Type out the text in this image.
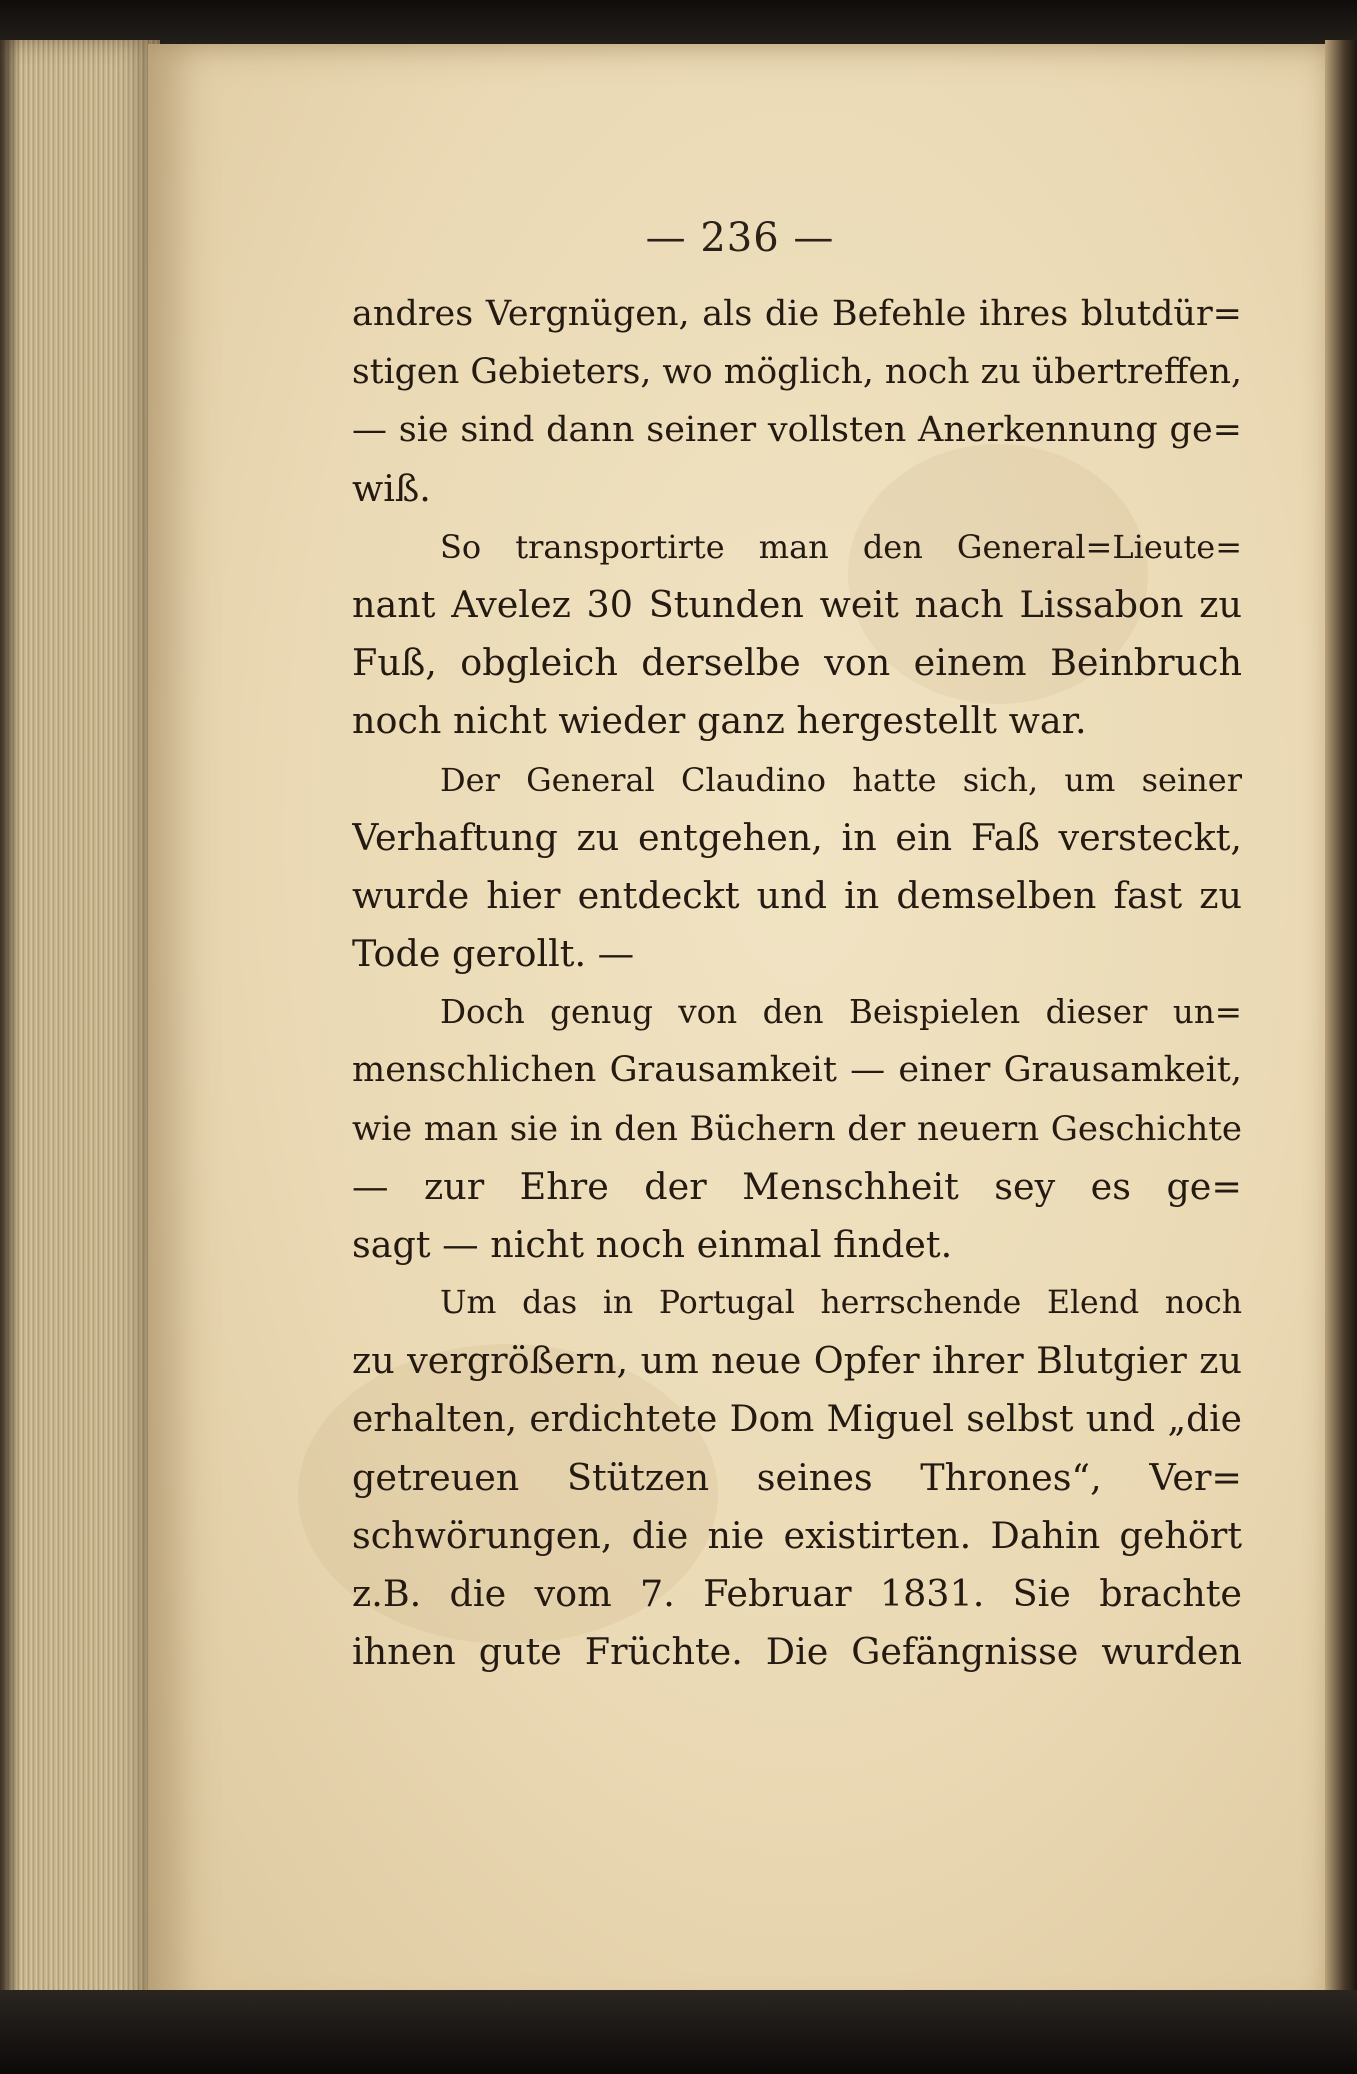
— 236 —
andres Vergnügen, als die Befehle ihres blutdür=
stigen Gebieters, wo möglich, noch zu übertreffen,
— sie sind dann seiner vollsten Anerkennung ge=
wiß.
So transportirte man den General=Lieute=
nant Avelez 30 Stunden weit nach Lissabon zu
Fuß, obgleich derselbe von einem Beinbruch
noch nicht wieder ganz hergestellt war.
Der General Claudino hatte sich, um seiner
Verhaftung zu entgehen, in ein Faß versteckt,
wurde hier entdeckt und in demselben fast zu
Tode gerollt. —
Doch genug von den Beispielen dieser un=
menschlichen Grausamkeit — einer Grausamkeit,
wie man sie in den Büchern der neuern Geschichte
— zur Ehre der Menschheit sey es ge=
sagt — nicht noch einmal findet.
Um das in Portugal herrschende Elend noch
zu vergrößern, um neue Opfer ihrer Blutgier zu
erhalten, erdichtete Dom Miguel selbst und „die
getreuen Stützen seines Thrones“, Ver=
schwörungen, die nie existirten. Dahin gehört
z.B. die vom 7. Februar 1831. Sie brachte
ihnen gute Früchte. Die Gefängnisse wurden
